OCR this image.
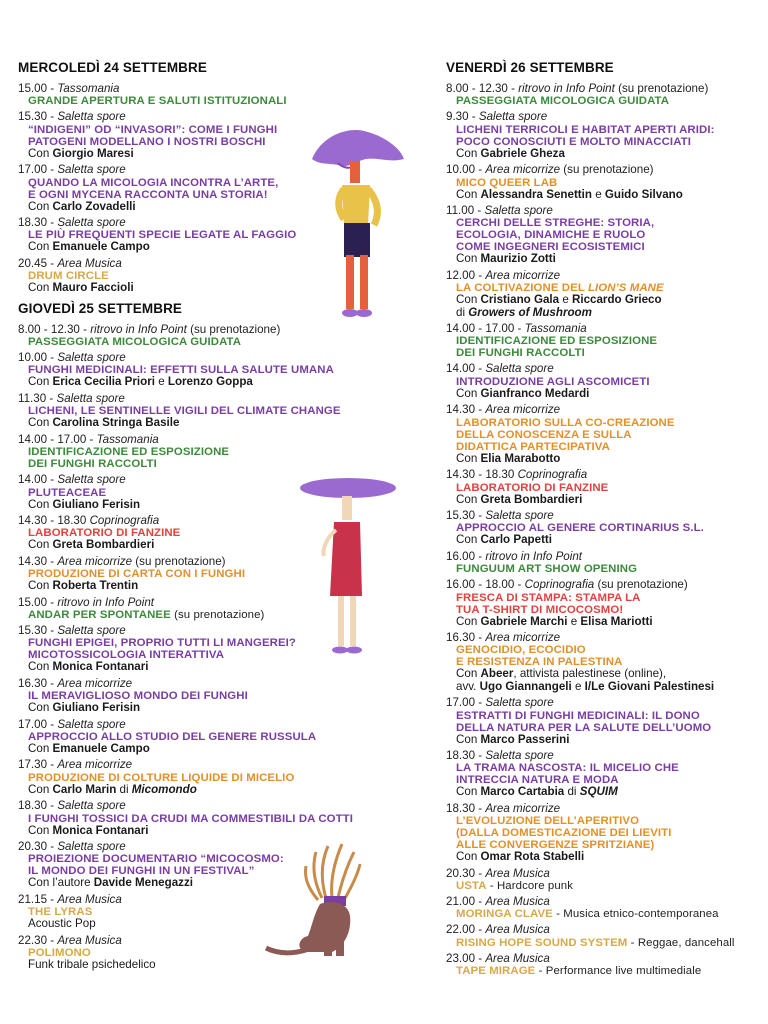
MERCOLEDÌ 24 SETTEMBRE
15.00 - Tassomania
GRANDE APERTURA E SALUTI ISTITUZIONALI
15.30 - Saletta spore
“INDIGENI” OD “INVASORI”: COME I FUNGHI
PATOGENI MODELLANO I NOSTRI BOSCHI
Con Giorgio Maresi
17.00 - Saletta spore
QUANDO LA MICOLOGIA INCONTRA L’ARTE,
E OGNI MYCENA RACCONTA UNA STORIA!
Con Carlo Zovadelli
18.30 - Saletta spore
LE PIÙ FREQUENTI SPECIE LEGATE AL FAGGIO
Con Emanuele Campo
20.45 - Area Musica
DRUM CIRCLE
Con Mauro Faccioli
GIOVEDÌ 25 SETTEMBRE
8.00 - 12.30 - ritrovo in Info Point (su prenotazione)
PASSEGGIATA MICOLOGICA GUIDATA
10.00 - Saletta spore
FUNGHI MEDICINALI: EFFETTI SULLA SALUTE UMANA
Con Erica Cecilia Priori e Lorenzo Goppa
11.30 - Saletta spore
LICHENI, LE SENTINELLE VIGILI DEL CLIMATE CHANGE
Con Carolina Stringa Basile
14.00 - 17.00 - Tassomania
IDENTIFICAZIONE ED ESPOSIZIONE
DEI FUNGHI RACCOLTI
14.00 - Saletta spore
PLUTEACEAE
Con Giuliano Ferisin
14.30 - 18.30 Coprinografia
LABORATORIO DI FANZINE
Con Greta Bombardieri
14.30 - Area micorrize (su prenotazione)
PRODUZIONE DI CARTA CON I FUNGHI
Con Roberta Trentin
15.00 - ritrovo in Info Point
ANDAR PER SPONTANEE (su prenotazione)
15.30 - Saletta spore
FUNGHI EPIGEI, PROPRIO TUTTI LI MANGEREI?
MICOTOSSICOLOGIA INTERATTIVA
Con Monica Fontanari
16.30 - Area micorrize
IL MERAVIGLIOSO MONDO DEI FUNGHI
Con Giuliano Ferisin
17.00 - Saletta spore
APPROCCIO ALLO STUDIO DEL GENERE RUSSULA
Con Emanuele Campo
17.30 - Area micorrize
PRODUZIONE DI COLTURE LIQUIDE DI MICELIO
Con Carlo Marin di Micomondo
18.30 - Saletta spore
I FUNGHI TOSSICI DA CRUDI MA COMMESTIBILI DA COTTI
Con Monica Fontanari
20.30 - Saletta spore
PROIEZIONE DOCUMENTARIO “MICOCOSMO:
IL MONDO DEI FUNGHI IN UN FESTIVAL”
Con l’autore Davide Menegazzi
21.15 - Area Musica
THE LYRAS
Acoustic Pop
22.30 - Area Musica
POLIMONO
Funk tribale psichedelico
VENERDÌ 26 SETTEMBRE
8.00 - 12.30 - ritrovo in Info Point (su prenotazione)
PASSEGGIATA MICOLOGICA GUIDATA
9.30 - Saletta spore
LICHENI TERRICOLI E HABITAT APERTI ARIDI:
POCO CONOSCIUTI E MOLTO MINACCIATI
Con Gabriele Gheza
10.00 - Area micorrize (su prenotazione)
MICO QUEER LAB
Con Alessandra Senettin e Guido Silvano
11.00 - Saletta spore
CERCHI DELLE STREGHE: STORIA,
ECOLOGIA, DINAMICHE E RUOLO
COME INGEGNERI ECOSISTEMICI
Con Maurizio Zotti
12.00 - Area micorrize
LA COLTIVAZIONE DEL LION’S MANE
Con Cristiano Gala e Riccardo Grieco
di Growers of Mushroom
14.00 - 17.00 - Tassomania
IDENTIFICAZIONE ED ESPOSIZIONE
DEI FUNGHI RACCOLTI
14.00 - Saletta spore
INTRODUZIONE AGLI ASCOMICETI
Con Gianfranco Medardi
14.30 - Area micorrize
LABORATORIO SULLA CO-CREAZIONE
DELLA CONOSCENZA E SULLA
DIDATTICA PARTECIPATIVA
Con Elia Marabotto
14.30 - 18.30 Coprinografia
LABORATORIO DI FANZINE
Con Greta Bombardieri
15.30 - Saletta spore
APPROCCIO AL GENERE CORTINARIUS S.L.
Con Carlo Papetti
16.00 - ritrovo in Info Point
FUNGUUM ART SHOW OPENING
16.00 - 18.00 - Coprinografia (su prenotazione)
FRESCA DI STAMPA: STAMPA LA
TUA T-SHIRT DI MICOCOSMO!
Con Gabriele Marchi e Elisa Mariotti
16.30 - Area micorrize
GENOCIDIO, ECOCIDIO
E RESISTENZA IN PALESTINA
Con Abeer, attivista palestinese (online),
avv. Ugo Giannangeli e I/Le Giovani Palestinesi
17.00 - Saletta spore
ESTRATTI DI FUNGHI MEDICINALI: IL DONO
DELLA NATURA PER LA SALUTE DELL’UOMO
Con Marco Passerini
18.30 - Saletta spore
LA TRAMA NASCOSTA: IL MICELIO CHE
INTRECCIA NATURA E MODA
Con Marco Cartabia di SQUIM
18.30 - Area micorrize
L’EVOLUZIONE DELL’APERITIVO
(DALLA DOMESTICAZIONE DEI LIEVITI
ALLE CONVERGENZE SPRITZIANE)
Con Omar Rota Stabelli
20.30 - Area Musica
USTA - Hardcore punk
21.00 - Area Musica
MORINGA CLAVE - Musica etnico-contemporanea
22.00 - Area Musica
RISING HOPE SOUND SYSTEM - Reggae, dancehall
23.00 - Area Musica
TAPE MIRAGE - Performance live multimediale
